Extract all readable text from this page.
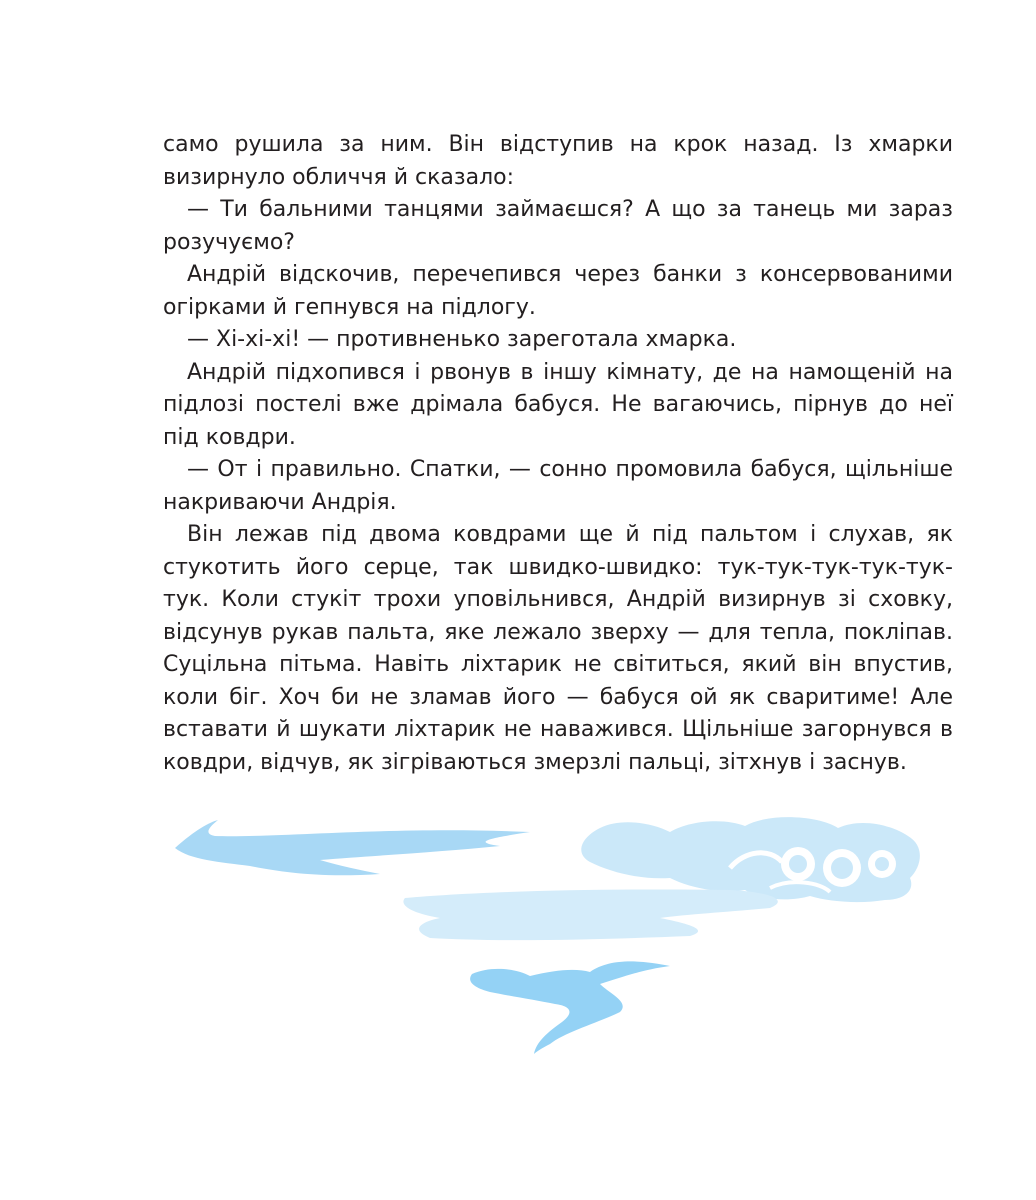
само рушила за ним. Він відступив на крок назад. Із хмарки визирнуло обличчя й сказало:

— Ти бальними танцями займаєшся? А що за танець ми зараз розучуємо?

Андрій відскочив, перечепився через банки з консервованими огірками й гепнувся на підлогу.

— Хі-хі-хі! — противненько зареготала хмарка.

Андрій підхопився і рвонув в іншу кімнату, де на намощеній на підлозі постелі вже дрімала бабуся. Не вагаючись, пірнув до неї під ковдри.

— От і правильно. Спатки, — сонно промовила бабуся, щільніше накриваючи Андрія.

Він лежав під двома ковдрами ще й під пальтом і слухав, як стукотить його серце, так швидко-швидко: тук-тук-тук-тук-тук-тук. Коли стукіт трохи уповільнився, Андрій визирнув зі сховку, відсунув рукав пальта, яке лежало зверху — для тепла, покліпав. Суцільна пітьма. Навіть ліхтарик не світиться, який він впустив, коли біг. Хоч би не зламав його — бабуся ой як сваритиме! Але вставати й шукати ліхтарик не наважився. Щільніше загорнувся в ковдри, відчув, як зігріваються змерзлі пальці, зітхнув і заснув.
